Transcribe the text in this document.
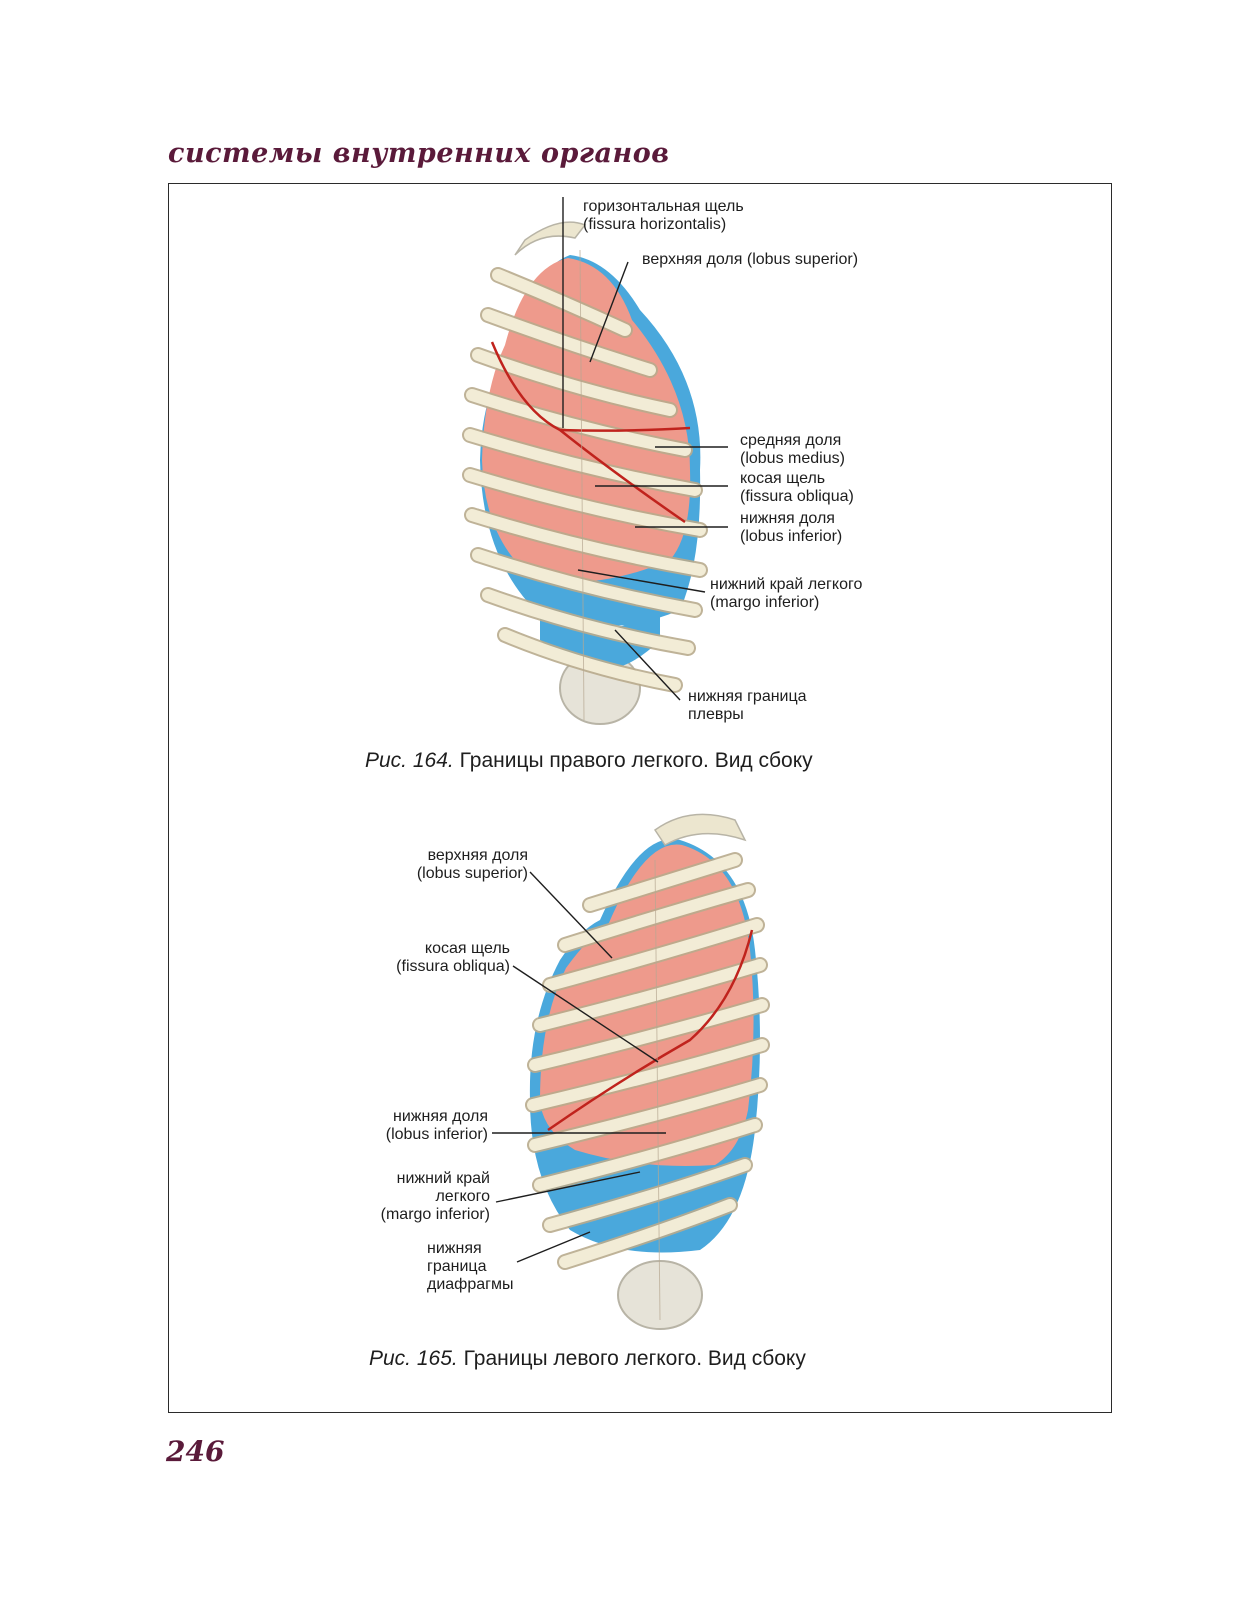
системы внутренних органов
горизонтальная щель
(fissura horizontalis)
верхняя доля (lobus superior)
средняя доля
(lobus medius)
косая щель
(fissura obliqua)
нижняя доля
(lobus inferior)
нижний край легкого
(margo inferior)
нижняя граница
плевры
Рис. 164. Границы правого легкого. Вид сбоку
верхняя доля
(lobus superior)
косая щель
(fissura obliqua)
нижняя доля
(lobus inferior)
нижний край
легкого
(margo inferior)
нижняя
граница
диафрагмы
Рис. 165. Границы левого легкого. Вид сбоку
246
